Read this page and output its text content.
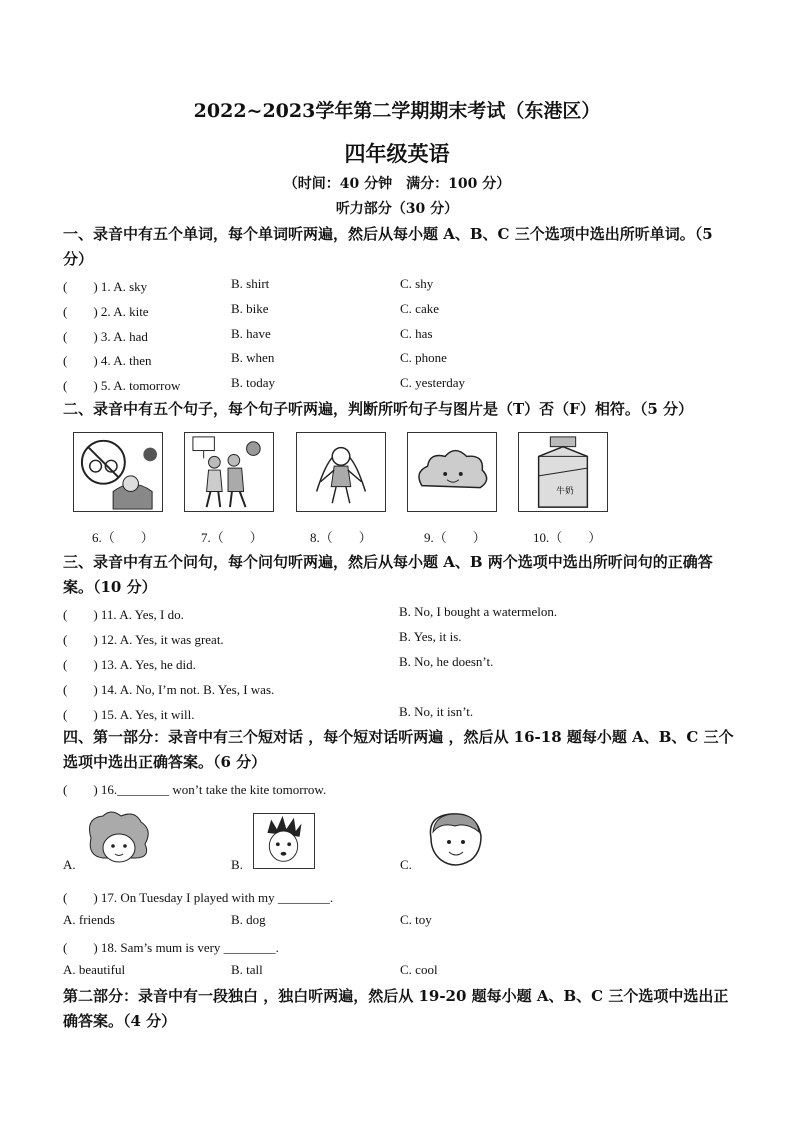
2022~2023学年第二学期期末考试（东港区）
四年级英语
（时间：40 分钟　满分：100 分）
听力部分（30 分）
一、录音中有五个单词，每个单词听两遍，然后从每小题 A、B、C 三个选项中选出所听单词。（5 分）
(　　) 1. A. sky	B. shirt	C. shy
(　　) 2. A. kite	B. bike	C. cake
(　　) 3. A. had	B. have	C. has
(　　) 4. A. then	B. when	C. phone
(　　) 5. A. tomorrow	B. today	C. yesterday
二、录音中有五个句子，每个句子听两遍，判断所听句子与图片是（T）否（F）相符。（5 分）
牛奶
6.（　　）	7.（　　）	8.（　　）	9.（　　）	10.（　　）
三、录音中有五个问句，每个问句听两遍，然后从每小题 A、B 两个选项中选出所听问句的正确答案。（10 分）
(　　) 11. A. Yes, I do.	B. No, I bought a watermelon.
(　　) 12. A. Yes, it was great.	B. Yes, it is.
(　　) 13. A. Yes, he did.	B. No, he doesn’t.
(　　) 14. A. No, I’m not. B. Yes, I was.
(　　) 15. A. Yes, it will.	B. No, it isn’t.
四、第一部分：录音中有三个短对话 ，每个短对话听两遍 ，然后从 16-18 题每小题 A、B、C 三个选项中选出正确答案。（6 分）
(　　) 16.________ won’t take the kite tomorrow.
A.	B.	C.
(　　) 17. On Tuesday I played with my ________.
A. friends	B. dog	C. toy
(　　) 18. Sam’s mum is very ________.
A. beautiful	B. tall	C. cool
第二部分：录音中有一段独白 ，独白听两遍，然后从 19-20 题每小题 A、B、C 三个选项中选出正确答案。（4 分）
